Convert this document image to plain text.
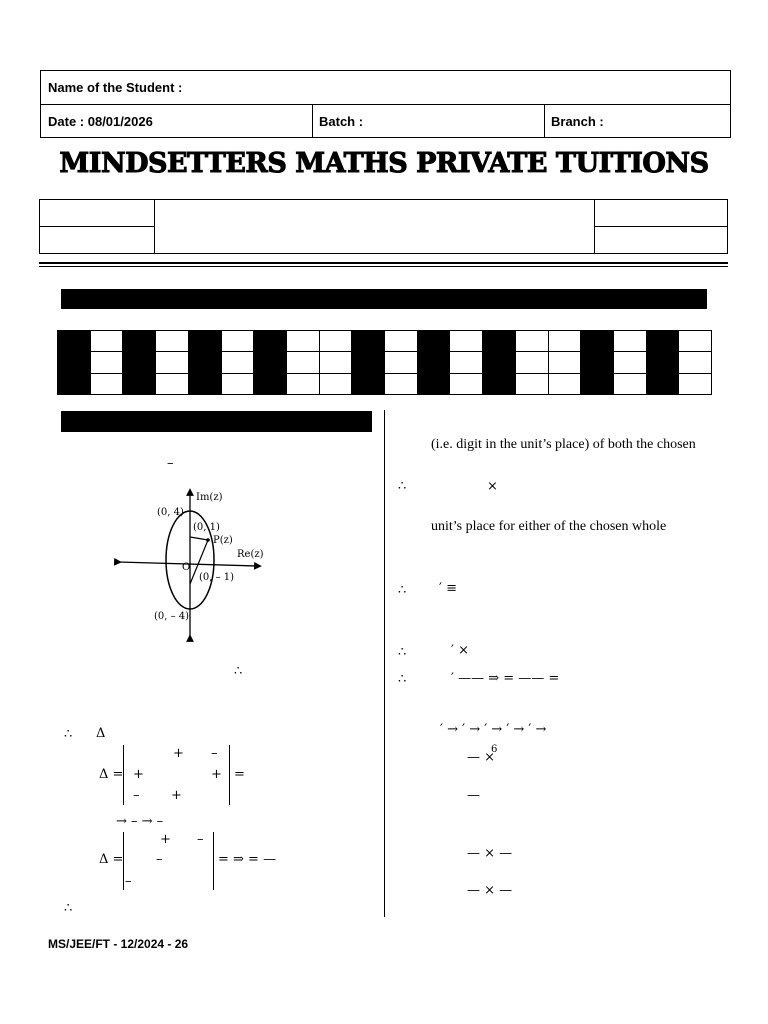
Name of the Student :
Date : 08/01/2026	Batch :	Branch :
MINDSETTERS MATHS PRIVATE TUITIONS
–
Im(z)
Re(z)
(0, 4)
(0, 1)
P(z)
O
(0, – 1)
(0, – 4)
∴
∴ Δ
Δ =
+ –
+	+
– +
=
→ – → –
Δ =
+ –
–
–
= ⇒ = —
∴
(i.e. digit in the unit’s place) of both the chosen
∴	×
unit’s place for either of the chosen whole
∴	′ ≡
∴	′ ×
∴	′ —— ⇒ = —— =
′ → ′ → ′ → ′ → ′ →
— ×
6
—
— × —
— × —
MS/JEE/FT - 12/2024 - 26
